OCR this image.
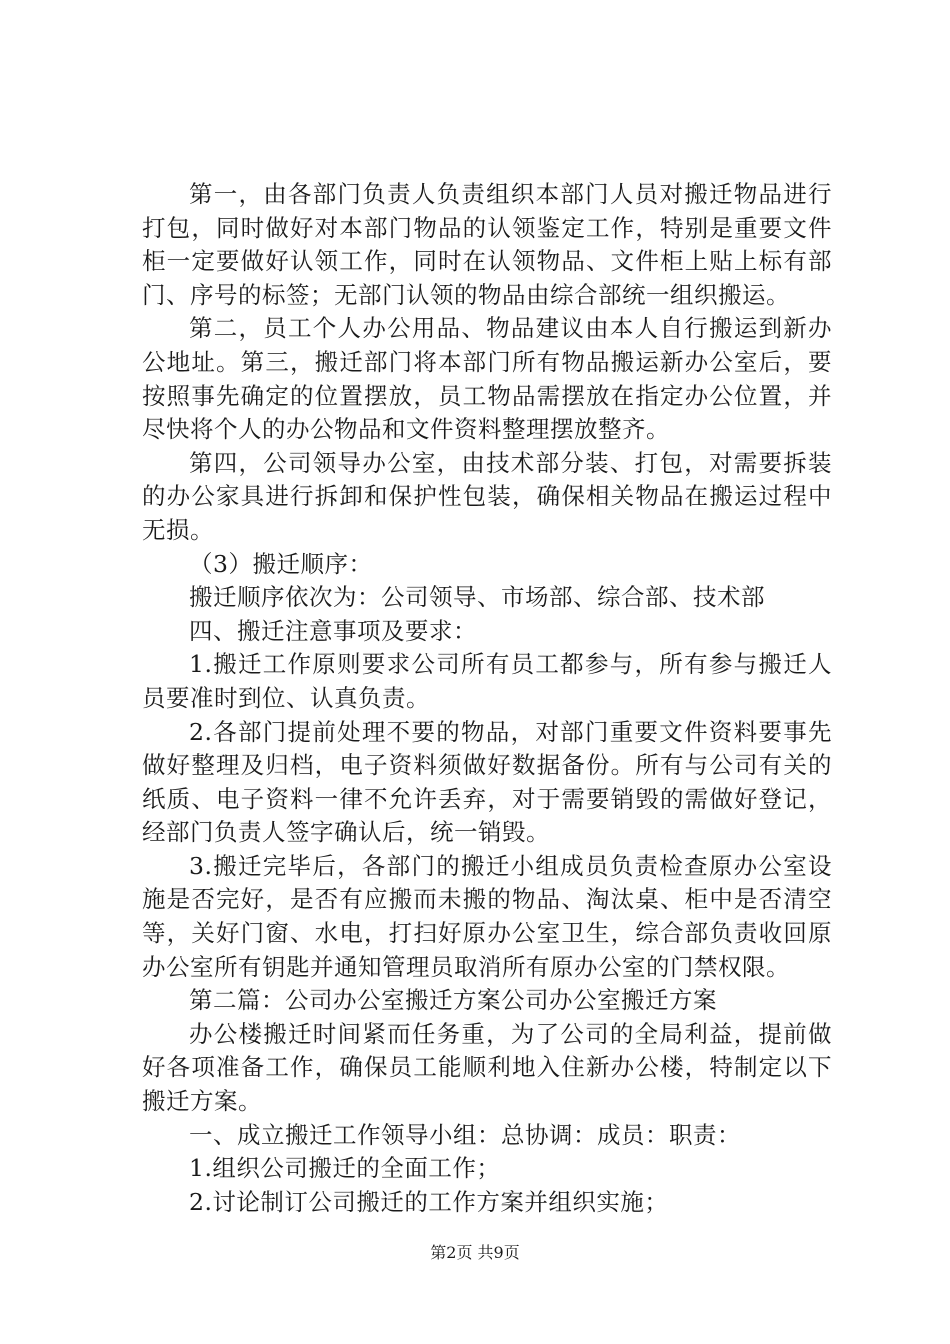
第一，由各部门负责人负责组织本部门人员对搬迁物品进行打包，同时做好对本部门物品的认领鉴定工作，特别是重要文件柜一定要做好认领工作，同时在认领物品、文件柜上贴上标有部门、序号的标签；无部门认领的物品由综合部统一组织搬运。

第二，员工个人办公用品、物品建议由本人自行搬运到新办公地址。第三，搬迁部门将本部门所有物品搬运新办公室后，要按照事先确定的位置摆放，员工物品需摆放在指定办公位置，并尽快将个人的办公物品和文件资料整理摆放整齐。

第四，公司领导办公室，由技术部分装、打包，对需要拆装的办公家具进行拆卸和保护性包装，确保相关物品在搬运过程中无损。

（3）搬迁顺序：

搬迁顺序依次为：公司领导、市场部、综合部、技术部

四、搬迁注意事项及要求：

1.搬迁工作原则要求公司所有员工都参与，所有参与搬迁人员要准时到位、认真负责。

2.各部门提前处理不要的物品，对部门重要文件资料要事先做好整理及归档，电子资料须做好数据备份。所有与公司有关的纸质、电子资料一律不允许丢弃，对于需要销毁的需做好登记，经部门负责人签字确认后，统一销毁。

3.搬迁完毕后，各部门的搬迁小组成员负责检查原办公室设施是否完好，是否有应搬而未搬的物品、淘汰桌、柜中是否清空等，关好门窗、水电，打扫好原办公室卫生，综合部负责收回原办公室所有钥匙并通知管理员取消所有原办公室的门禁权限。

第二篇：公司办公室搬迁方案公司办公室搬迁方案

办公楼搬迁时间紧而任务重，为了公司的全局利益，提前做好各项准备工作，确保员工能顺利地入住新办公楼，特制定以下搬迁方案。

一、成立搬迁工作领导小组：总协调：成员：职责：

1.组织公司搬迁的全面工作；

2.讨论制订公司搬迁的工作方案并组织实施；

第2页 共9页
